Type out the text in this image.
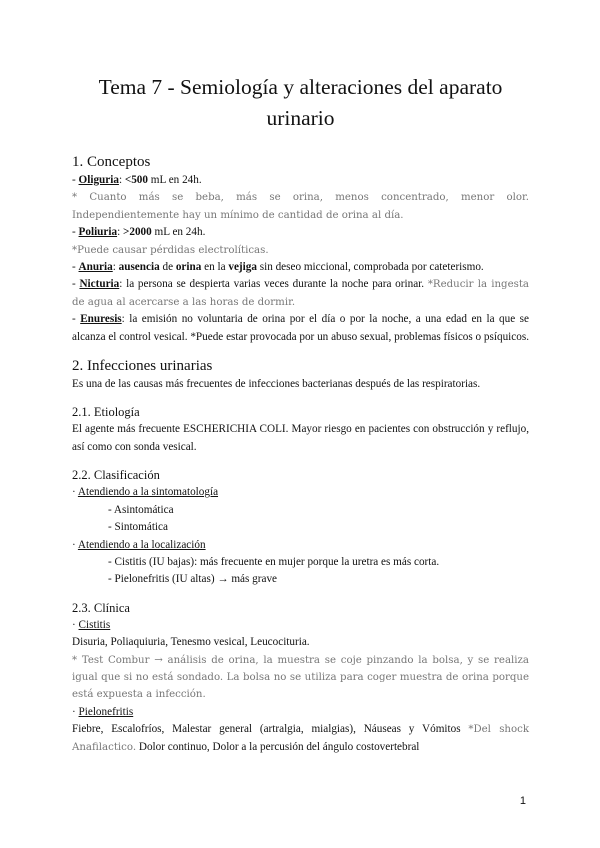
Tema 7 - Semiología y alteraciones del aparato urinario
1. Conceptos

- Oliguria: <500 mL en 24h.

* Cuanto más se beba, más se orina, menos concentrado, menor olor. Independientemente hay un mínimo de cantidad de orina al día.

- Poliuria: >2000 mL en 24h.

*Puede causar pérdidas electrolíticas.

- Anuria: ausencia de orina en la vejiga sin deseo miccional, comprobada por cateterismo.

- Nicturia: la persona se despierta varias veces durante la noche para orinar. *Reducir la ingesta de agua al acercarse a las horas de dormir.

- Enuresis: la emisión no voluntaria de orina por el día o por la noche, a una edad en la que se alcanza el control vesical. *Puede estar provocada por un abuso sexual, problemas físicos o psíquicos.

2. Infecciones urinarias

Es una de las causas más frecuentes de infecciones bacterianas después de las respiratorias.

2.1. Etiología

El agente más frecuente ESCHERICHIA COLI. Mayor riesgo en pacientes con obstrucción y reflujo, así como con sonda vesical.

2.2. Clasificación

· Atendiendo a la sintomatología

- Asintomática

- Sintomática

· Atendiendo a la localización

- Cistitis (IU bajas): más frecuente en mujer porque la uretra es más corta.

- Pielonefritis (IU altas) → más grave

2.3. Clínica

· Cistitis

Disuria, Poliaquiuria, Tenesmo vesical, Leucocituria.

* Test Combur → análisis de orina, la muestra se coje pinzando la bolsa, y se realiza igual que si no está sondado. La bolsa no se utiliza para coger muestra de orina porque está expuesta a infección.

· Pielonefritis

Fiebre, Escalofríos, Malestar general (artralgia, mialgias), Náuseas y Vómitos *Del shock Anafilactico. Dolor continuo, Dolor a la percusión del ángulo costovertebral

1
